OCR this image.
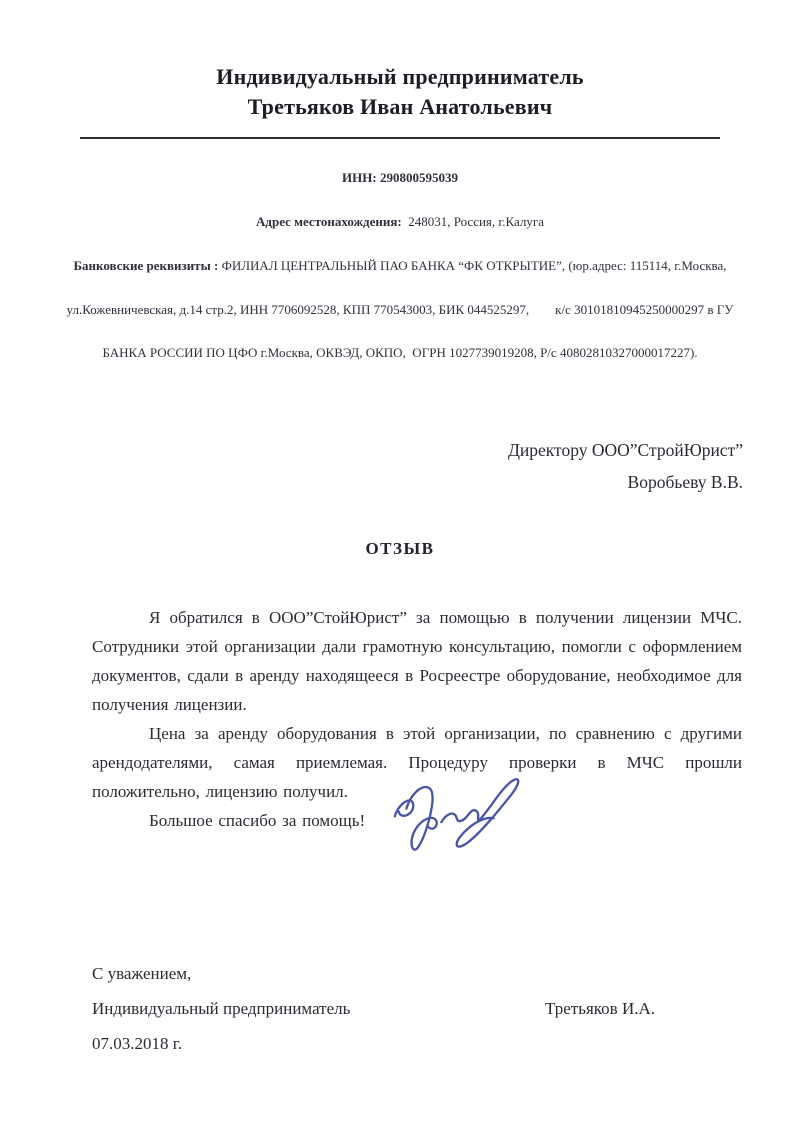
Индивидуальный предприниматель
Третьяков Иван Анатольевич

ИНН: 290800595039

Адрес местонахождения:  248031, Россия, г.Калуга

Банковские реквизиты : ФИЛИАЛ ЦЕНТРАЛЬНЫЙ ПАО БАНКА “ФК ОТКРЫТИЕ”, (юр.адрес: 115114, г.Москва,

ул.Кожевничевская, д.14 стр.2, ИНН 7706092528, КПП 770543003, БИК 044525297,        к/с 30101810945250000297 в ГУ

БАНКА РОССИИ ПО ЦФО г.Москва, ОКВЭД, ОКПО,  ОГРН 1027739019208, Р/с 40802810327000017227).

Директору ООО”СтройЮрист”
Воробьеву В.В.
ОТЗЫВ

Я обратился в ООО”СтойЮрист” за помощью в получении лицензии МЧС. Сотрудники этой организации дали грамотную консультацию, помогли с оформлением документов, сдали в аренду находящееся в Росреестре оборудование, необходимое для получения лицензии.

Цена за аренду оборудования в этой организации, по сравнению с другими арендодателями, самая приемлемая. Процедуру проверки в МЧС прошли положительно, лицензию получил.

Большое спасибо за помощь!

С уважением,
Индивидуальный предприниматель	Третьяков И.А.
07.03.2018 г.
